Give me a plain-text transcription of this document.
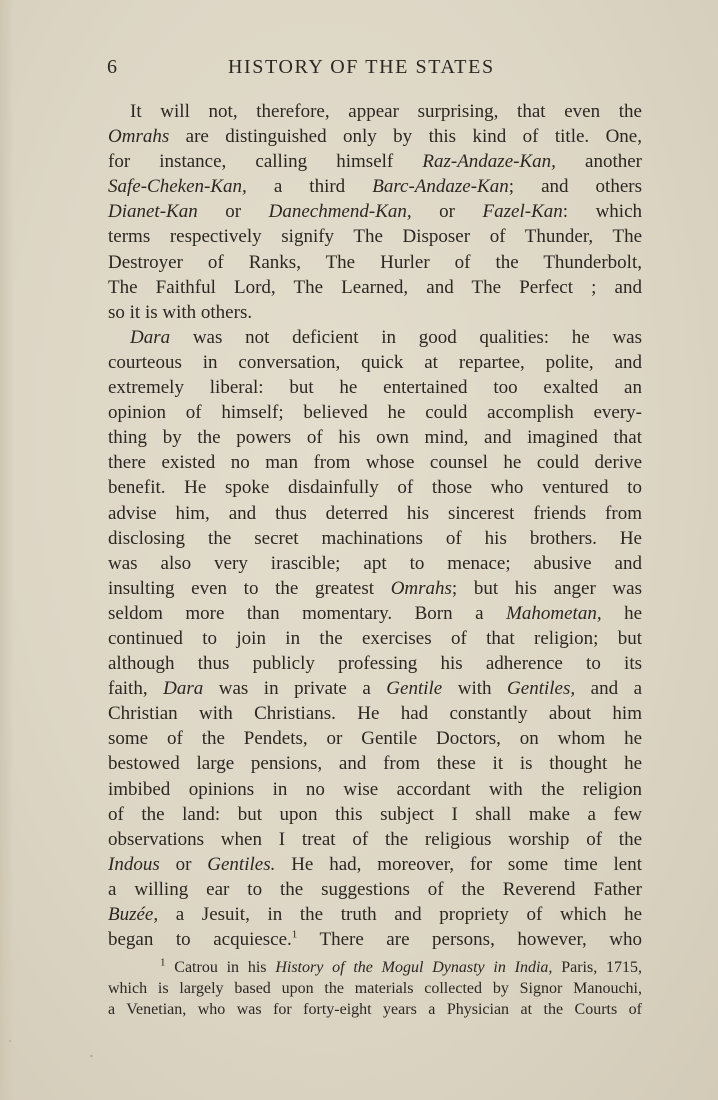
6	HISTORY OF THE STATES
It will not, therefore, appear surprising, that even the
Omrahs are distinguished only by this kind of title. One,
for instance, calling himself Raz-Andaze-Kan, another
Safe-Cheken-Kan, a third Barc-Andaze-Kan; and others
Dianet-Kan or Danechmend-Kan, or Fazel-Kan: which
terms respectively signify The Disposer of Thunder, The
Destroyer of Ranks, The Hurler of the Thunderbolt,
The Faithful Lord, The Learned, and The Perfect ; and
so it is with others.
Dara was not deficient in good qualities: he was
courteous in conversation, quick at repartee, polite, and
extremely liberal: but he entertained too exalted an
opinion of himself; believed he could accomplish every-
thing by the powers of his own mind, and imagined that
there existed no man from whose counsel he could derive
benefit. He spoke disdainfully of those who ventured to
advise him, and thus deterred his sincerest friends from
disclosing the secret machinations of his brothers. He
was also very irascible; apt to menace; abusive and
insulting even to the greatest Omrahs; but his anger was
seldom more than momentary. Born a Mahometan, he
continued to join in the exercises of that religion; but
although thus publicly professing his adherence to its
faith, Dara was in private a Gentile with Gentiles, and a
Christian with Christians. He had constantly about him
some of the Pendets, or Gentile Doctors, on whom he
bestowed large pensions, and from these it is thought he
imbibed opinions in no wise accordant with the religion
of the land: but upon this subject I shall make a few
observations when I treat of the religious worship of the
Indous or Gentiles. He had, moreover, for some time lent
a willing ear to the suggestions of the Reverend Father
Buzée, a Jesuit, in the truth and propriety of which he
began to acquiesce.$^1$ There are persons, however, who
$^1$ Catrou in his History of the Mogul Dynasty in India, Paris, 1715,
which is largely based upon the materials collected by Signor Manouchi,
a Venetian, who was for forty-eight years a Physician at the Courts of
